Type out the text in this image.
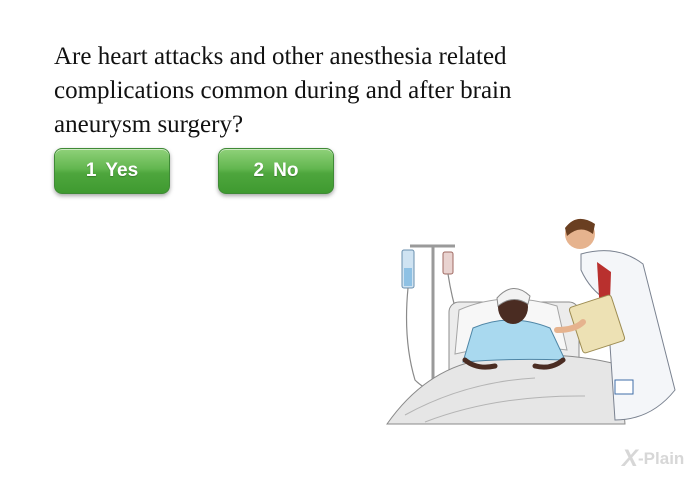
Are heart attacks and other anesthesia related complications common during and after brain aneurysm surgery?
1 Yes	2 No
X -Plain
